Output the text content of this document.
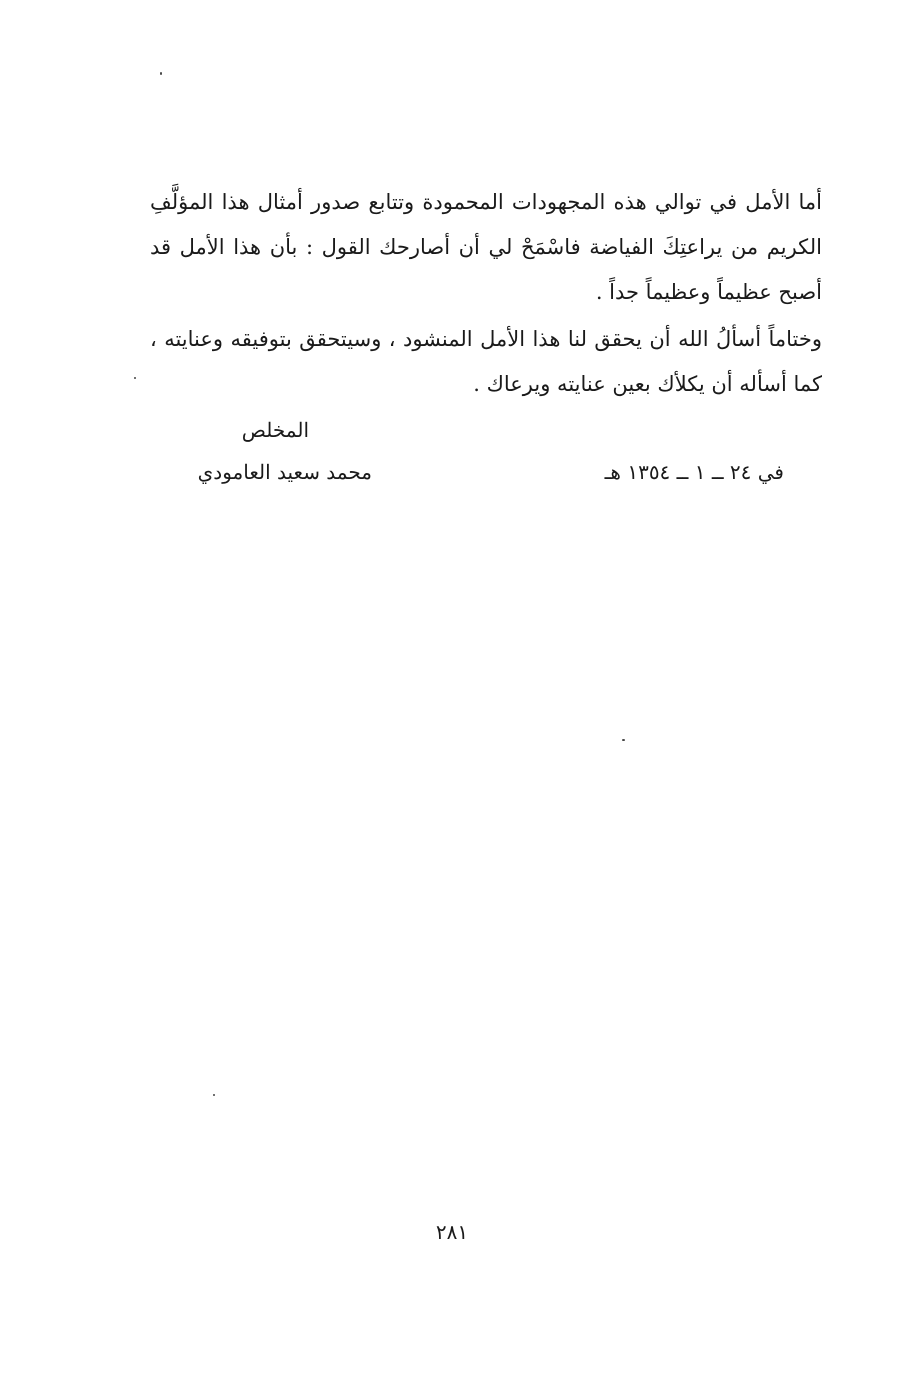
أما الأمل في توالي هذه المجهودات المحمودة وتتابع صدور أمثال هذا المؤلَّفِ الكريم من يراعتِكَ الفياضة فاسْمَحْ لي أن أصارحك القول : بأن هذا الأمل قد أصبح عظيماً وعظيماً جداً .

وختاماً أسألُ الله أن يحقق لنا هذا الأمل المنشود ، وسيتحقق بتوفيقه وعنايته ، كما أسأله أن يكلأك بعين عنايته ويرعاك .

المخلص
محمد سعيد العامودي	في ٢٤ ــ ١ ــ ١٣٥٤ هـ
٢٨١
